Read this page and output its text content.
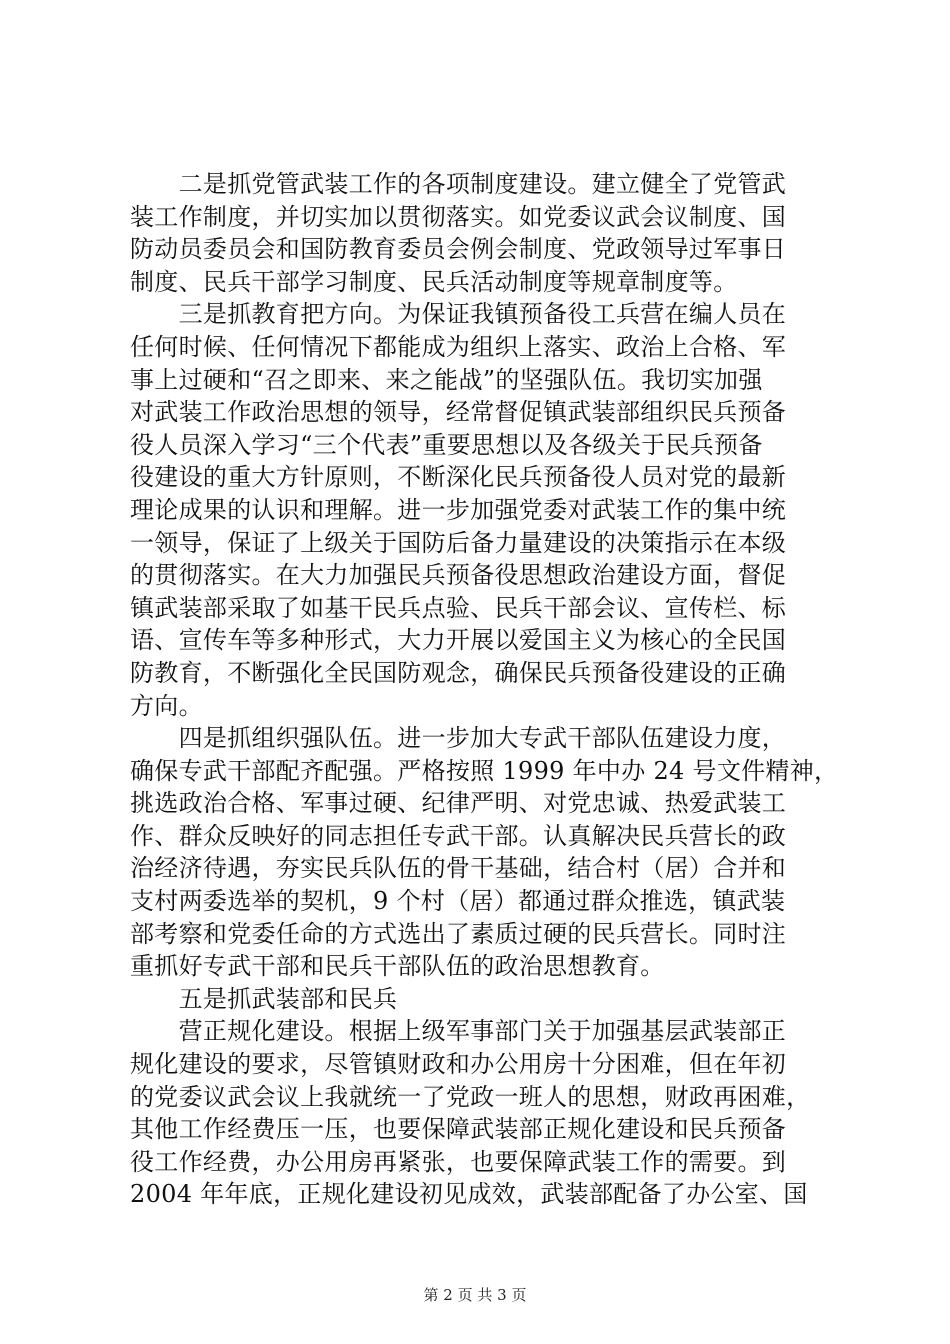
　　二是抓党管武装工作的各项制度建设。建立健全了党管武
装工作制度，并切实加以贯彻落实。如党委议武会议制度、国
防动员委员会和国防教育委员会例会制度、党政领导过军事日
制度、民兵干部学习制度、民兵活动制度等规章制度等。
　　三是抓教育把方向。为保证我镇预备役工兵营在编人员在
任何时候、任何情况下都能成为组织上落实、政治上合格、军
事上过硬和“召之即来、来之能战”的坚强队伍。我切实加强
对武装工作政治思想的领导，经常督促镇武装部组织民兵预备
役人员深入学习“三个代表”重要思想以及各级关于民兵预备
役建设的重大方针原则，不断深化民兵预备役人员对党的最新
理论成果的认识和理解。进一步加强党委对武装工作的集中统
一领导，保证了上级关于国防后备力量建设的决策指示在本级
的贯彻落实。在大力加强民兵预备役思想政治建设方面，督促
镇武装部采取了如基干民兵点验、民兵干部会议、宣传栏、标
语、宣传车等多种形式，大力开展以爱国主义为核心的全民国
防教育，不断强化全民国防观念，确保民兵预备役建设的正确
方向。
　　四是抓组织强队伍。进一步加大专武干部队伍建设力度，
确保专武干部配齐配强。严格按照 1999 年中办 24 号文件精神，
挑选政治合格、军事过硬、纪律严明、对党忠诚、热爱武装工
作、群众反映好的同志担任专武干部。认真解决民兵营长的政
治经济待遇，夯实民兵队伍的骨干基础，结合村（居）合并和
支村两委选举的契机，9 个村（居）都通过群众推选，镇武装
部考察和党委任命的方式选出了素质过硬的民兵营长。同时注
重抓好专武干部和民兵干部队伍的政治思想教育。
　　五是抓武装部和民兵
　　营正规化建设。根据上级军事部门关于加强基层武装部正
规化建设的要求，尽管镇财政和办公用房十分困难，但在年初
的党委议武会议上我就统一了党政一班人的思想，财政再困难，
其他工作经费压一压，也要保障武装部正规化建设和民兵预备
役工作经费，办公用房再紧张，也要保障武装工作的需要。到
2004 年年底，正规化建设初见成效，武装部配备了办公室、国
第 2 页 共 3 页
